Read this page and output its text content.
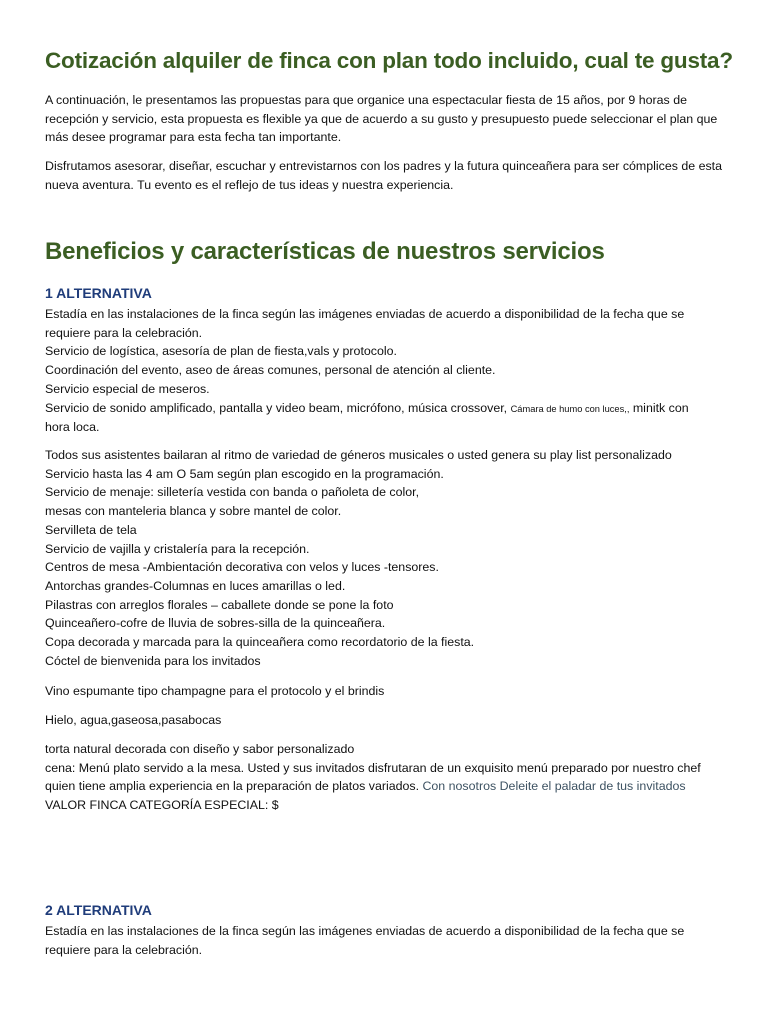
Cotización alquiler de finca con plan todo incluido, cual te gusta?

A continuación, le presentamos las propuestas para que organice una espectacular fiesta de 15 años, por 9 horas de recepción y servicio, esta propuesta es flexible ya que de acuerdo a su gusto y presupuesto puede seleccionar el plan que más desee programar para esta fecha tan importante.

Disfrutamos asesorar, diseñar, escuchar y entrevistarnos con los padres y la futura quinceañera para ser cómplices de esta nueva aventura. Tu evento es el reflejo de tus ideas y nuestra experiencia.

Beneficios y características de nuestros servicios
1 ALTERNATIVA
Estadía en las instalaciones de la finca según las imágenes enviadas de acuerdo a disponibilidad de la fecha que se
requiere para la celebración.
Servicio de logística, asesoría de plan de fiesta,vals y protocolo.
Coordinación del evento, aseo de áreas comunes, personal de atención al cliente.
Servicio especial de meseros.
Servicio de sonido amplificado, pantalla y video beam, micrófono, música crossover, Cámara de humo con luces,, minitk con
hora loca.
Todos sus asistentes bailaran al ritmo de variedad de géneros musicales o usted genera su play list personalizado
Servicio hasta las 4 am O 5am según plan escogido en la programación.
Servicio de menaje: silletería vestida con banda o pañoleta de color,
mesas con manteleria blanca y sobre mantel de color.
Servilleta de tela
Servicio de vajilla y cristalería para la recepción.
Centros de mesa -Ambientación decorativa con velos y luces -tensores.
Antorchas grandes-Columnas en luces amarillas o led.
Pilastras con arreglos florales – caballete donde se pone la foto
Quinceañero-cofre de lluvia de sobres-silla de la quinceañera.
Copa decorada y marcada para la quinceañera como recordatorio de la fiesta.
Cóctel de bienvenida para los invitados
Vino espumante tipo champagne para el protocolo y el brindis
Hielo, agua,gaseosa,pasabocas
torta natural decorada con diseño y sabor personalizado
cena: Menú plato servido a la mesa. Usted y sus invitados disfrutaran de un exquisito menú preparado por nuestro chef
quien tiene amplia experiencia en la preparación de platos variados. Con nosotros Deleite el paladar de tus invitados
VALOR FINCA CATEGORÍA ESPECIAL: $
2 ALTERNATIVA
Estadía en las instalaciones de la finca según las imágenes enviadas de acuerdo a disponibilidad de la fecha que se
requiere para la celebración.
